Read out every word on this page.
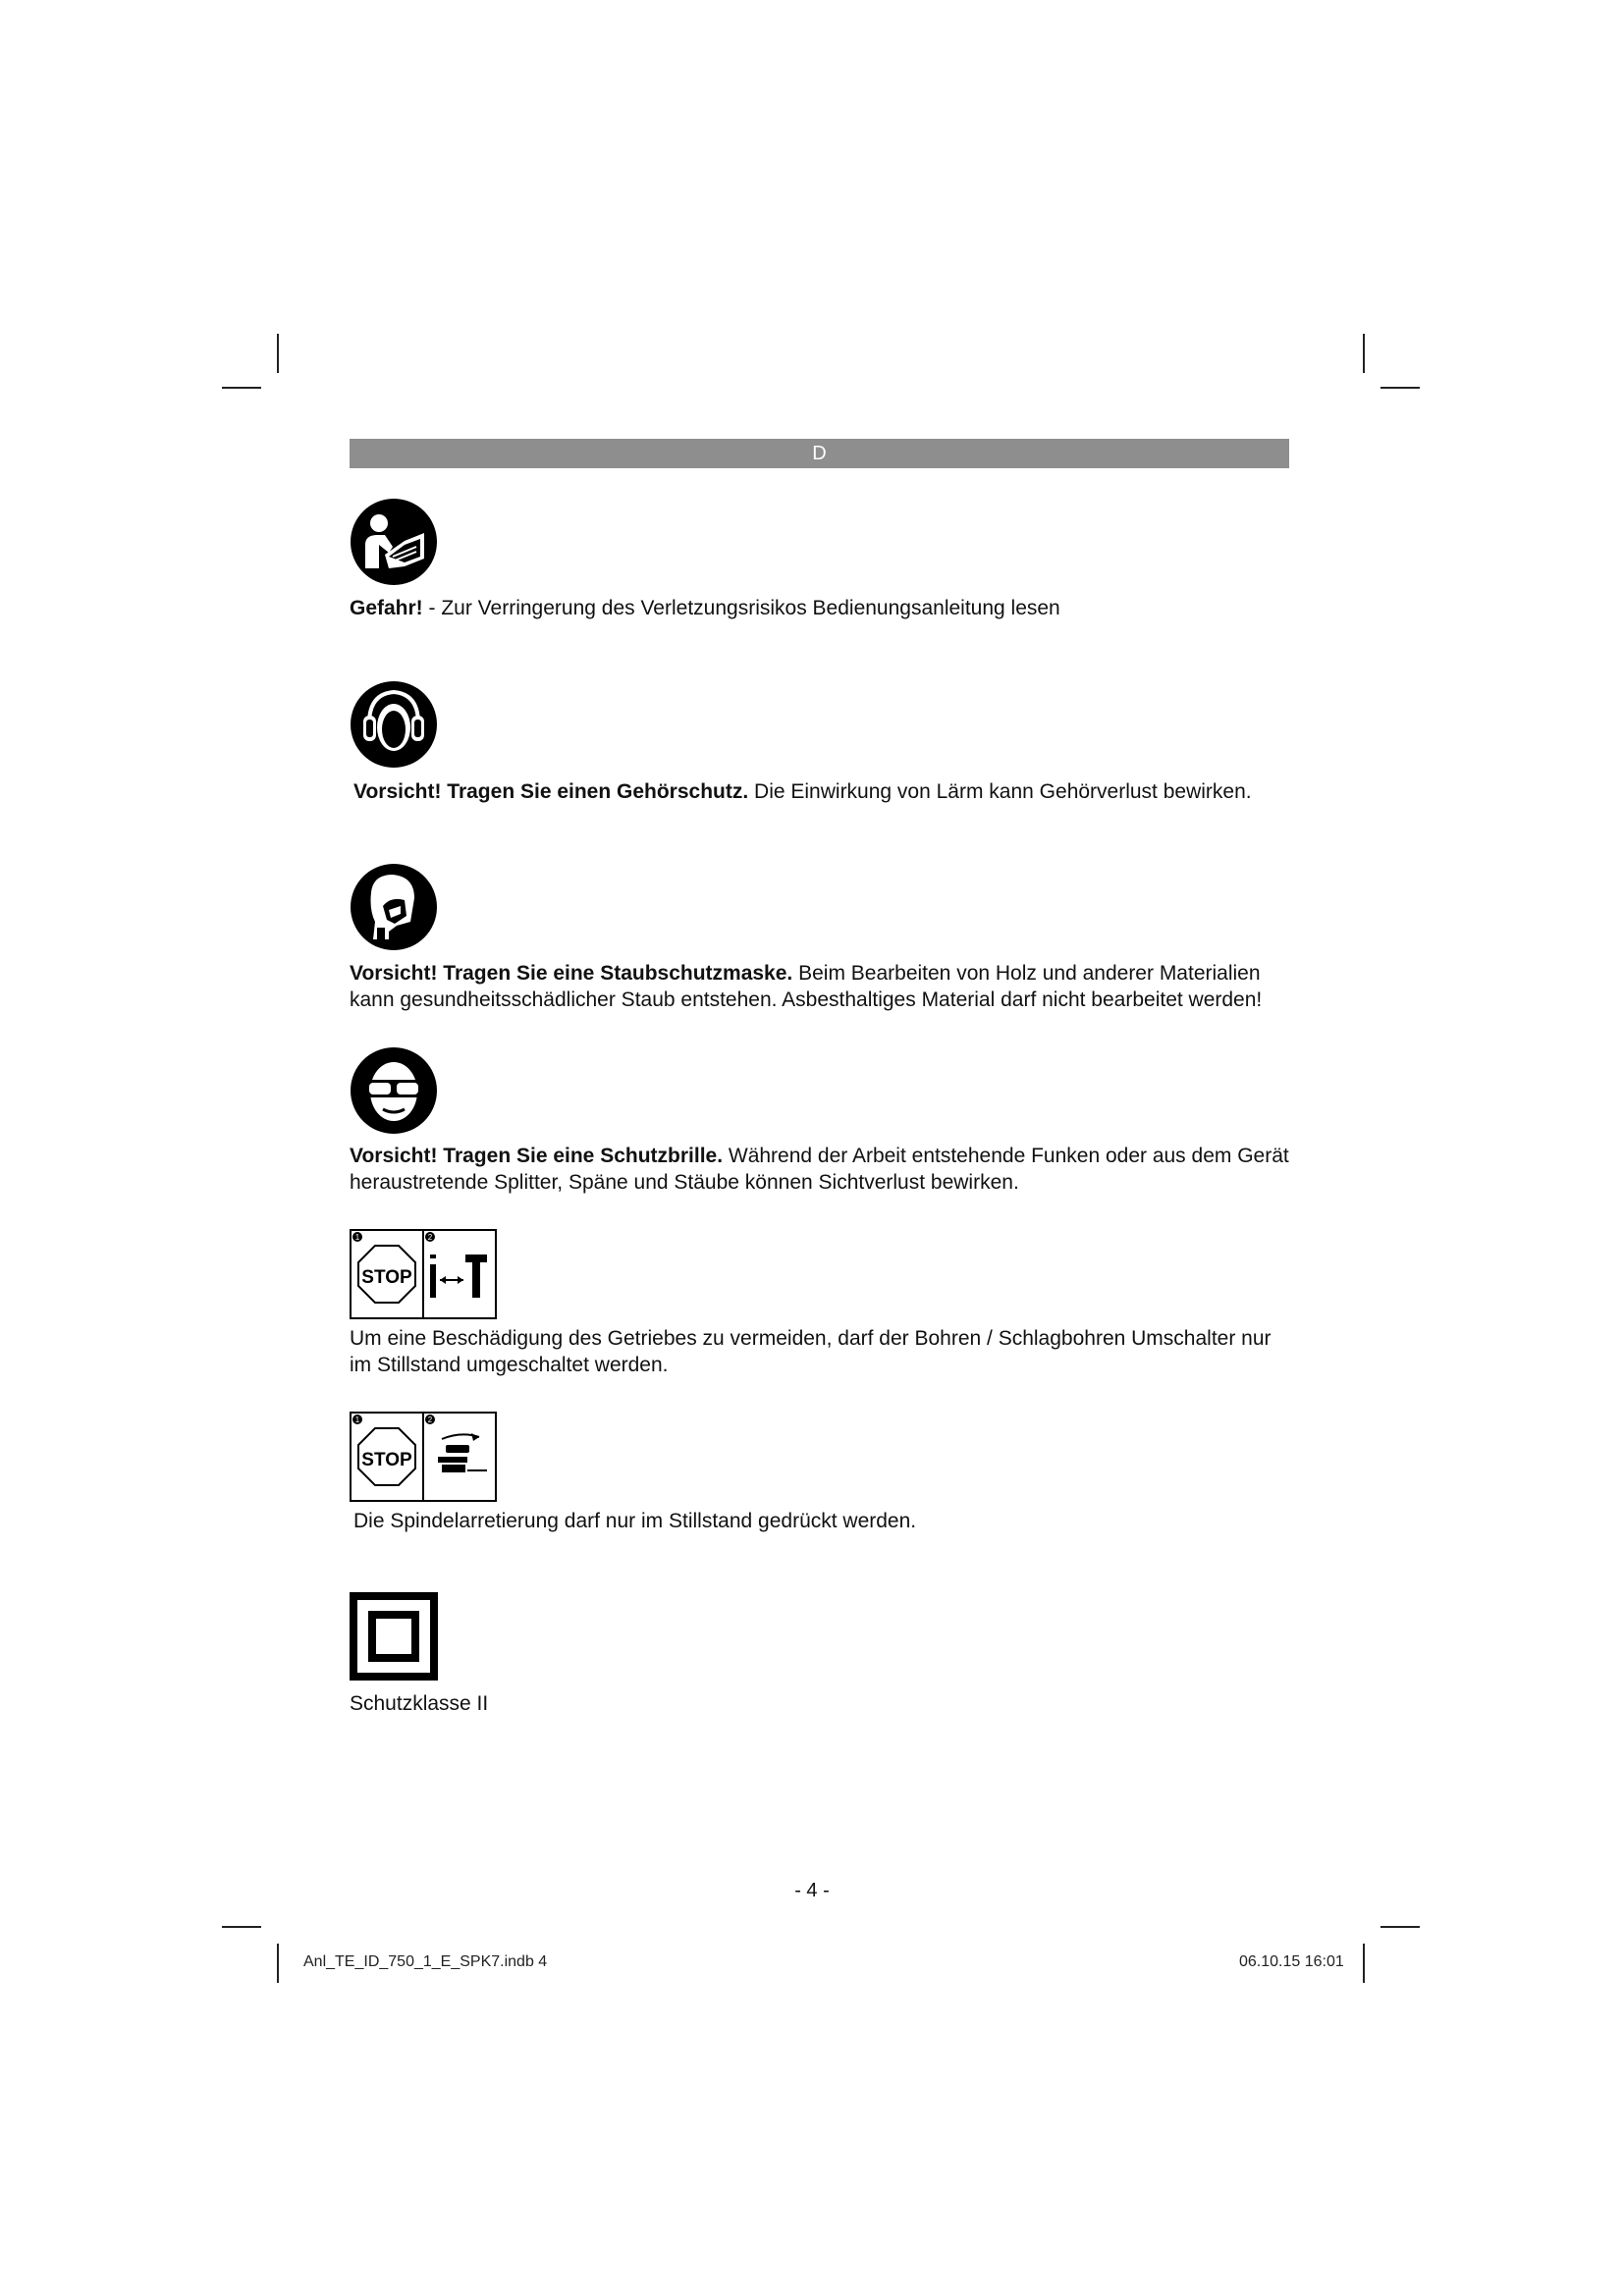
D
Gefahr! - Zur Verringerung des Verletzungsrisikos Bedienungsanleitung lesen
Vorsicht! Tragen Sie einen Gehörschutz. Die Einwirkung von Lärm kann Gehörverlust bewirken.
Vorsicht! Tragen Sie eine Staubschutzmaske. Beim Bearbeiten von Holz und anderer Materialien kann gesundheitsschädlicher Staub entstehen. Asbesthaltiges Material darf nicht bearbeitet werden!
Vorsicht! Tragen Sie eine Schutzbrille. Während der Arbeit entstehende Funken oder aus dem Gerät heraustretende Splitter, Späne und Stäube können Sichtverlust bewirken.
1	2
STOP
Um eine Beschädigung des Getriebes zu vermeiden, darf der Bohren / Schlagbohren Umschalter nur im Stillstand umgeschaltet werden.
1	2
STOP
Die Spindelarretierung darf nur im Stillstand gedrückt werden.
Schutzklasse II
- 4 -
Anl_TE_ID_750_1_E_SPK7.indb 4	06.10.15 16:01
